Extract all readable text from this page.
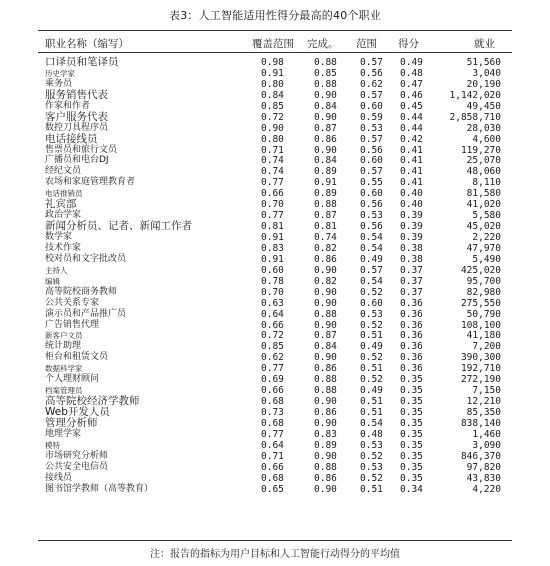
表3：人工智能适用性得分最高的40个职业
职业名称（缩写）	覆盖范围 完成。 范围 得分	就业
口译员和笔译员	0.98	0.88 0.57 0.49	51,560
历史学家	0.91	0.85 0.56 0.48	3,040
乘务员	0.80	0.88 0.62 0.47	20,190
服务销售代表	0.84	0.90 0.57 0.46	1,142,020
作家和作者	0.85	0.84 0.60 0.45	49,450
客户服务代表	0.72	0.90 0.59 0.44	2,858,710
数控刀具程序员	0.90	0.87 0.53 0.44	28,030
电话接线员	0.80	0.86 0.57 0.42	4,600
售票员和旅行文员	0.71	0.90 0.56 0.41	119,270
广播员和电台DJ	0.74	0.84 0.60 0.41	25,070
经纪文员	0.74	0.89 0.57 0.41	48,060
农场和家庭管理教育者	0.77	0.91 0.55 0.41	8,110
电话推销员	0.66	0.89 0.60 0.40	81,580
礼宾部	0.70	0.88 0.56 0.40	41,020
政治学家	0.77	0.87 0.53 0.39	5,580
新闻分析员、记者、新闻工作者	0.81	0.81 0.56 0.39	45,020
数学家	0.91	0.74 0.54 0.39	2,220
技术作家	0.83	0.82 0.54 0.38	47,970
校对员和文字批改员	0.91	0.86 0.49 0.38	5,490
主持人	0.60	0.90 0.57 0.37	425,020
编辑	0.78	0.82 0.54 0.37	95,700
高等院校商务教师	0.70	0.90 0.52 0.37	82,980
公共关系专家	0.63	0.90 0.60 0.36	275,550
演示员和产品推广员	0.64	0.88 0.53 0.36	50,790
广告销售代理	0.66	0.90 0.52 0.36	108,100
新客户文员	0.72	0.87 0.51 0.36	41,180
统计助理	0.85	0.84 0.49 0.36	7,200
柜台和租赁文员	0.62	0.90 0.52 0.36	390,300
数据科学家	0.77	0.86 0.51 0.36	192,710
个人理财顾问	0.69	0.88 0.52 0.35	272,190
档案管理员	0.66	0.88 0.49 0.35	7,150
高等院校经济学教师	0.68	0.90 0.51 0.35	12,210
Web开发人员	0.73	0.86 0.51 0.35	85,350
管理分析师	0.68	0.90 0.54 0.35	838,140
地理学家	0.77	0.83 0.48 0.35	1,460
模特	0.64	0.89 0.53 0.35	3,090
市场研究分析师	0.71	0.90 0.52 0.35	846,370
公共安全电信员	0.66	0.88 0.53 0.35	97,820
接线员	0.68	0.86 0.52 0.35	43,830
图书馆学教师（高等教育）	0.65	0.90 0.51 0.34	4,220
注：报告的指标为用户目标和人工智能行动得分的平均值
